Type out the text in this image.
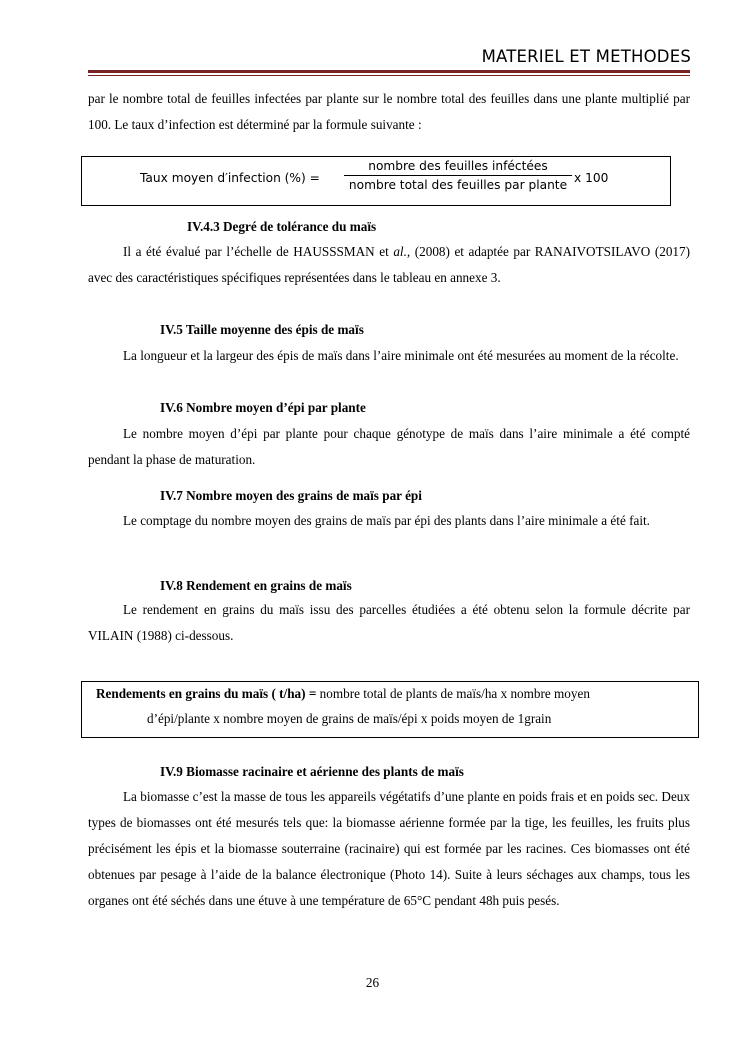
MATERIEL ET METHODES

par le nombre total de feuilles infectées par plante sur le nombre total des feuilles dans une plante multiplié par 100. Le taux d’infection est déterminé par la formule suivante :

Taux moyen d′infection (%) =
nombre des feuilles inféctées
nombre total des feuilles par plante x 100
IV.4.3 Degré de tolérance du maïs

Il a été évalué par l’échelle de HAUSSSMAN et al., (2008) et adaptée par RANAIVOTSILAVO (2017) avec des caractéristiques spécifiques représentées dans le tableau en annexe 3.

IV.5 Taille moyenne des épis de maïs

La longueur et la largeur des épis de maïs dans l’aire minimale ont été mesurées au moment de la récolte.

IV.6 Nombre moyen d’épi par plante

Le nombre moyen d’épi par plante pour chaque génotype de maïs dans l’aire minimale a été compté pendant la phase de maturation.

IV.7 Nombre moyen des grains de maïs par épi

Le comptage du nombre moyen des grains de maïs par épi des plants dans l’aire minimale a été fait.

IV.8 Rendement en grains de maïs

Le rendement en grains du maïs issu des parcelles étudiées a été obtenu selon la formule décrite par VILAIN (1988) ci-dessous.

Rendements en grains du maïs ( t/ha) = nombre total de plants de maïs/ha x nombre moyen
d’épi/plante x nombre moyen de grains de maïs/épi x poids moyen de 1grain
IV.9 Biomasse racinaire et aérienne des plants de maïs

La biomasse c’est la masse de tous les appareils végétatifs d’une plante en poids frais et en poids sec. Deux types de biomasses ont été mesurés tels que: la biomasse aérienne formée par la tige, les feuilles, les fruits plus précisément les épis et la biomasse souterraine (racinaire) qui est formée par les racines. Ces biomasses ont été obtenues par pesage à l’aide de la balance électronique (Photo 14). Suite à leurs séchages aux champs, tous les organes ont été séchés dans une étuve à une température de 65°C pendant 48h puis pesés.

26
